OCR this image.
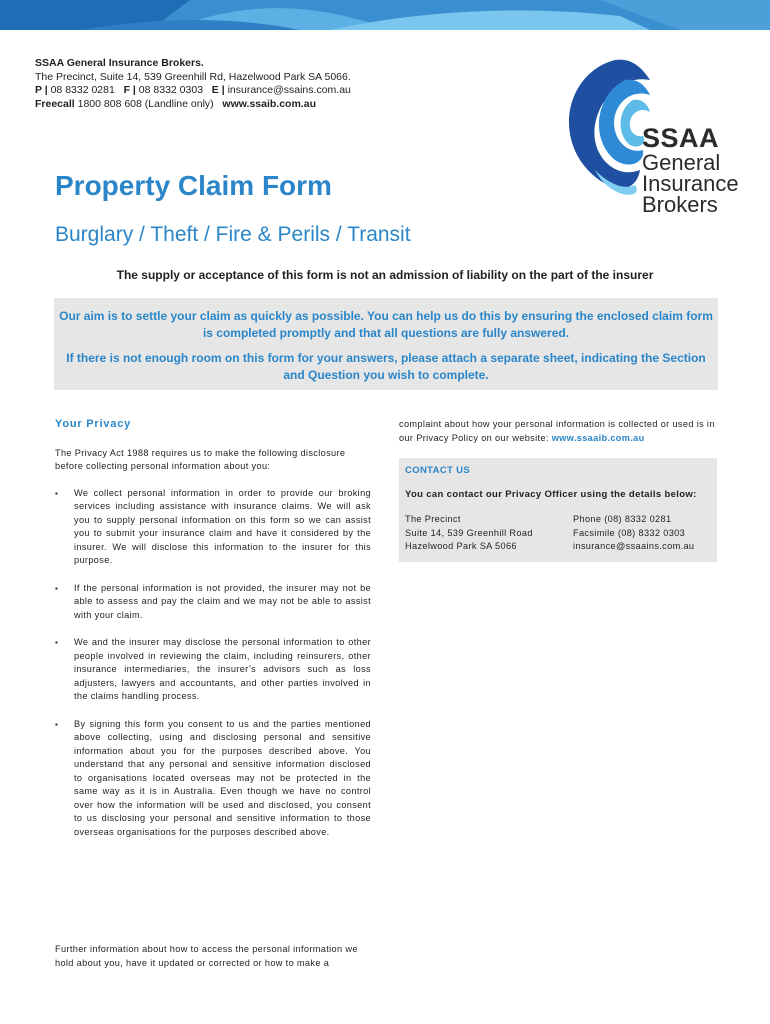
SSAA General Insurance Brokers.
The Precinct, Suite 14, 539 Greenhill Rd, Hazelwood Park SA 5066.
P | 08 8332 0281 F | 08 8332 0303 E | insurance@ssains.com.au
Freecall 1800 808 608 (Landline only) www.ssaib.com.au
SSAA
General
Insurance
Brokers
Property Claim Form
Burglary / Theft / Fire & Perils / Transit
The supply or acceptance of this form is not an admission of liability on the part of the insurer

Our aim is to settle your claim as quickly as possible. You can help us do this by ensuring the enclosed claim form is completed promptly and that all questions are fully answered.

If there is not enough room on this form for your answers, please attach a separate sheet, indicating the Section and Question you wish to complete.

Your Privacy

The Privacy Act 1988 requires us to make the following disclosure before collecting personal information about you:

▪ We collect personal information in order to provide our broking services including assistance with insurance claims. We will ask you to supply personal information on this form so we can assist you to submit your insurance claim and have it considered by the insurer. We will disclose this information to the insurer for this purpose.
▪ If the personal information is not provided, the insurer may not be able to assess and pay the claim and we may not be able to assist with your claim.
▪ We and the insurer may disclose the personal information to other people involved in reviewing the claim, including reinsurers, other insurance intermediaries, the insurer’s advisors such as loss adjusters, lawyers and accountants, and other parties involved in the claims handling process.
▪ By signing this form you consent to us and the parties mentioned above collecting, using and disclosing personal and sensitive information about you for the purposes described above. You understand that any personal and sensitive information disclosed to organisations located overseas may not be protected in the same way as it is in Australia. Even though we have no control over how the information will be used and disclosed, you consent to us disclosing your personal and sensitive information to those overseas organisations for the purposes described above.
Further information about how to access the personal information we hold about you, have it updated or corrected or how to make a
complaint about how your personal information is collected or used is in our Privacy Policy on our website: www.ssaaib.com.au
CONTACT US
You can contact our Privacy Officer using the details below:
The Precinct
Suite 14, 539 Greenhill Road
Hazelwood Park SA 5066
Phone (08) 8332 0281
Facsimile (08) 8332 0303
insurance@ssaains.com.au
